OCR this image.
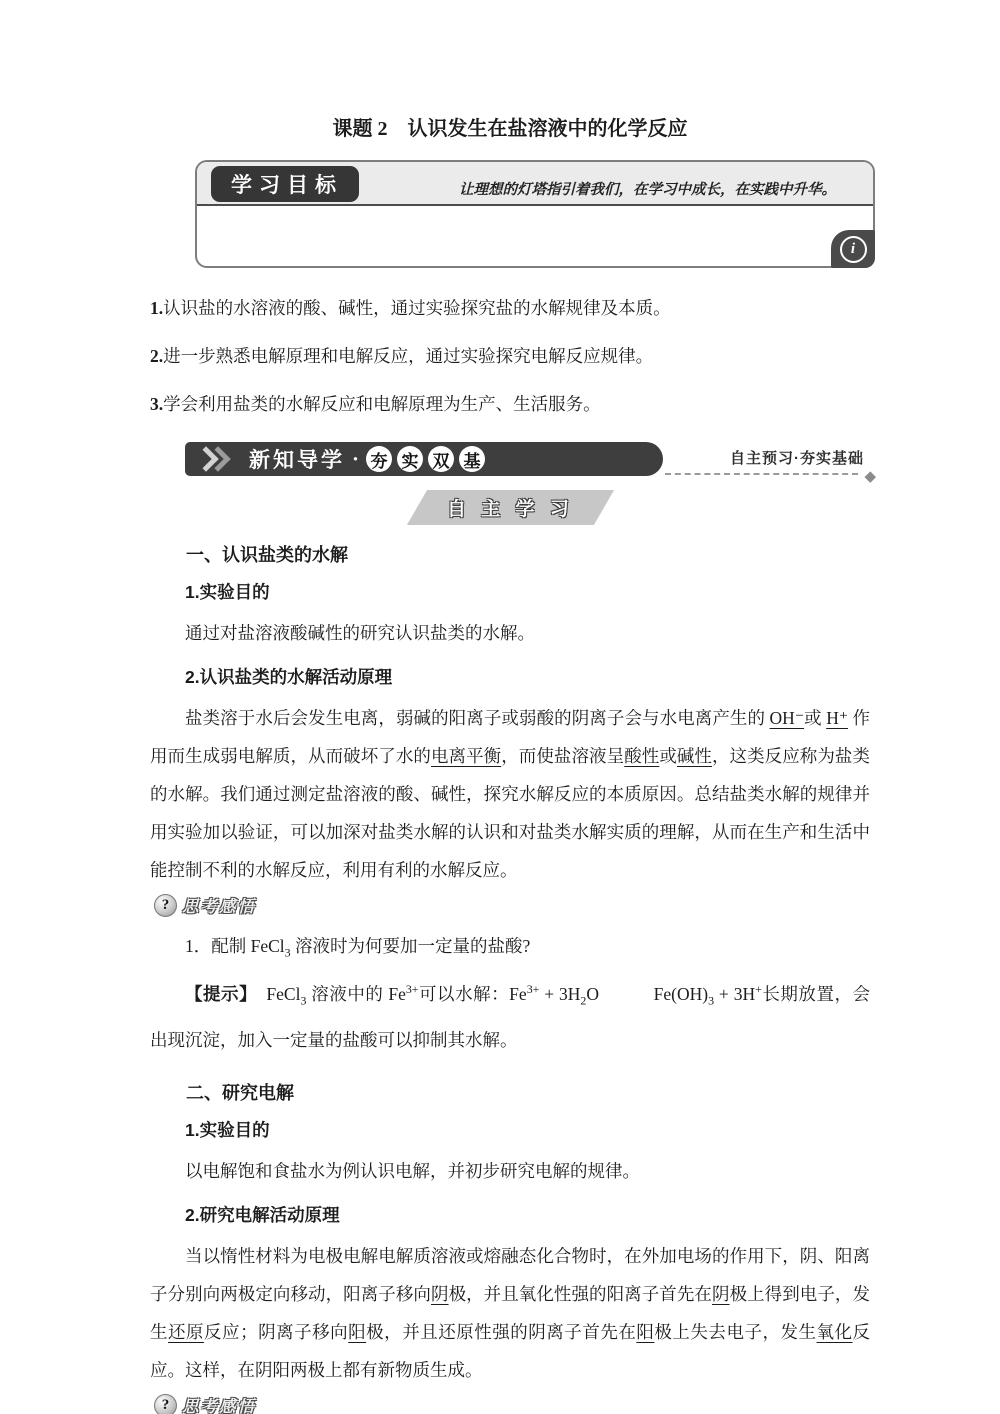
课题 2　认识发生在盐溶液中的化学反应
学习目标	让理想的灯塔指引着我们，在学习中成长，在实践中升华。
i

1.认识盐的水溶液的酸、碱性，通过实验探究盐的水解规律及本质。

2.进一步熟悉电解原理和电解反应，通过实验探究电解反应规律。

3.学会利用盐类的水解反应和电解原理为生产、生活服务。

新知导学 · 夯 实 双 基	自主预习·夯实基础
◆
自 主 学 习
一、认识盐类的水解
1.实验目的

通过对盐溶液酸碱性的研究认识盐类的水解。

2.认识盐类的水解活动原理

盐类溶于水后会发生电离，弱碱的阳离子或弱酸的阴离子会与水电离产生的 OH⁻或 H⁺ 作用而生成弱电解质，从而破坏了水的电离平衡，而使盐溶液呈酸性或碱性，这类反应称为盐类的水解。我们通过测定盐溶液的酸、碱性，探究水解反应的本质原因。总结盐类水解的规律并用实验加以验证，可以加深对盐类水解的认识和对盐类水解实质的理解，从而在生产和生活中能控制不利的水解反应，利用有利的水解反应。

? 思考感悟

1．配制 FeCl$_3$ 溶液时为何要加一定量的盐酸?

【提示】　FeCl$_3$ 溶液中的 $Fe^{3+}$可以水解：$Fe^{3+} + 3H_2O$　　　$Fe(OH)_3 + 3H^+$长期放置，会出现沉淀，加入一定量的盐酸可以抑制其水解。

二、研究电解
1.实验目的

以电解饱和食盐水为例认识电解，并初步研究电解的规律。

2.研究电解活动原理

当以惰性材料为电极电解电解质溶液或熔融态化合物时，在外加电场的作用下，阴、阳离子分别向两极定向移动，阳离子移向阴极，并且氧化性强的阳离子首先在阴极上得到电子，发生还原反应；阴离子移向阳极，并且还原性强的阴离子首先在阳极上失去电子，发生氧化反应。这样，在阴阳两极上都有新物质生成。

? 思考感悟
